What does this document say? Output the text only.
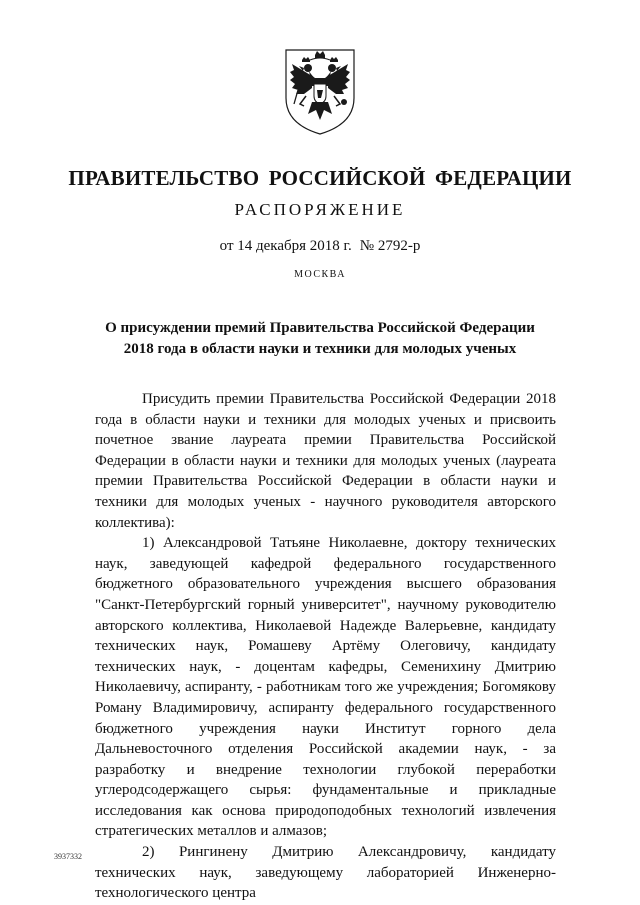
ПРАВИТЕЛЬСТВО РОССИЙСКОЙ ФЕДЕРАЦИИ
РАСПОРЯЖЕНИЕ
от 14 декабря 2018 г. № 2792-р
МОСКВА
О присуждении премий Правительства Российской Федерации
2018 года в области науки и техники для молодых ученых

Присудить премии Правительства Российской Федерации 2018 года в области науки и техники для молодых ученых и присвоить почетное звание лауреата премии Правительства Российской Федерации в области науки и техники для молодых ученых (лауреата премии Правительства Российской Федерации в области науки и техники для молодых ученых - научного руководителя авторского коллектива):

1) Александровой Татьяне Николаевне, доктору технических наук, заведующей кафедрой федерального государственного бюджетного образовательного учреждения высшего образования "Санкт-Петербургский горный университет", научному руководителю авторского коллектива, Николаевой Надежде Валерьевне, кандидату технических наук, Ромашеву Артёму Олеговичу, кандидату технических наук, - доцентам кафедры, Семенихину Дмитрию Николаевичу, аспиранту, - работникам того же учреждения; Богомякову Роману Владимировичу, аспиранту федерального государственного бюджетного учреждения науки Институт горного дела Дальневосточного отделения Российской академии наук, - за разработку и внедрение технологии глубокой переработки углеродсодержащего сырья: фундаментальные и прикладные исследования как основа природоподобных технологий извлечения стратегических металлов и алмазов;

2) Рингинену Дмитрию Александровичу, кандидату технических наук, заведующему лабораторией Инженерно-технологического центра

3937332
